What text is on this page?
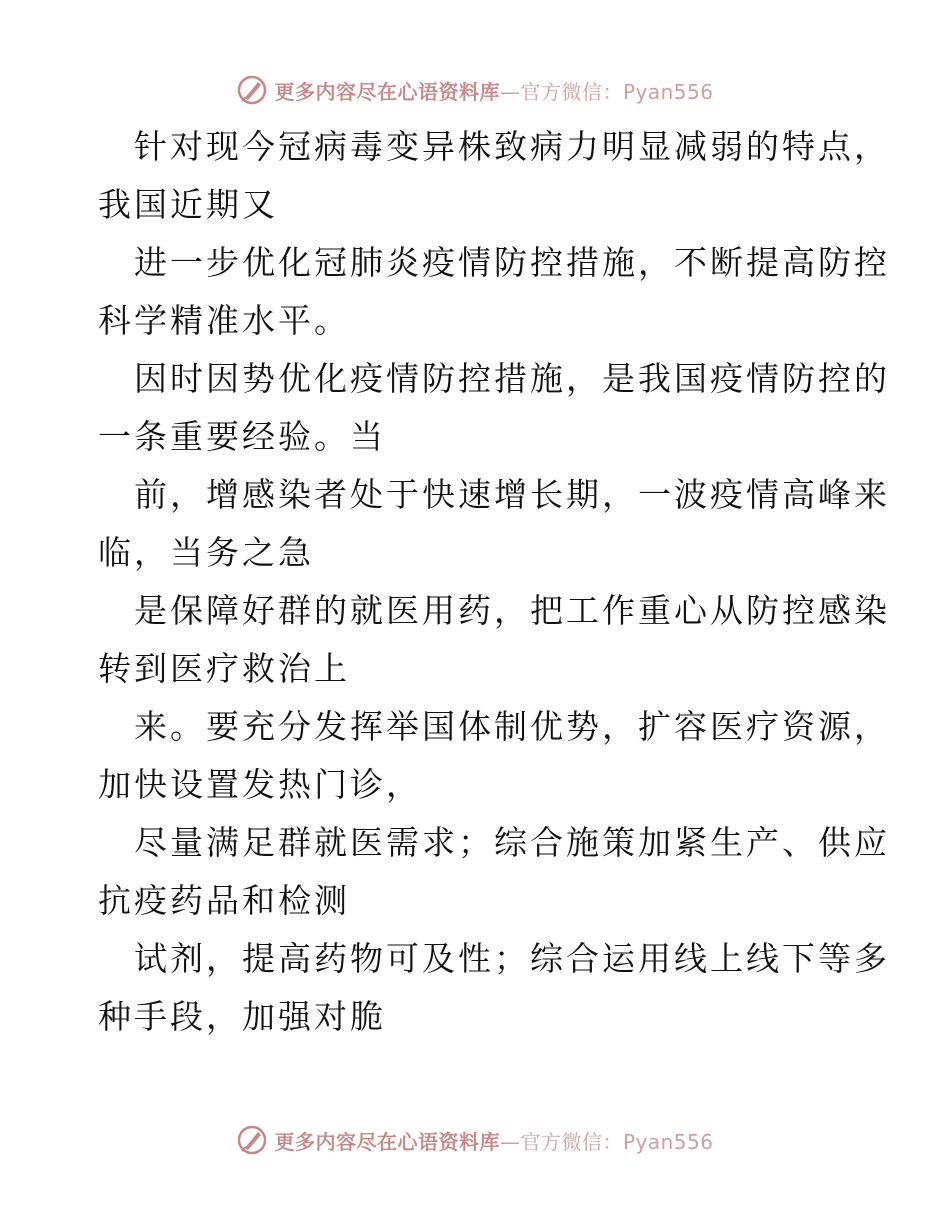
更多内容尽在心语资料库—官方微信：Pyan556

针对现今冠病毒变异株致病力明显减弱的特点，
我国近期又

进一步优化冠肺炎疫情防控措施，不断提高防控
科学精准水平。

因时因势优化疫情防控措施，是我国疫情防控的
一条重要经验。当

前，增感染者处于快速增长期，一波疫情高峰来
临，当务之急

是保障好群的就医用药，把工作重心从防控感染
转到医疗救治上

来。要充分发挥举国体制优势，扩容医疗资源，
加快设置发热门诊，

尽量满足群就医需求；综合施策加紧生产、供应
抗疫药品和检测

试剂，提高药物可及性；综合运用线上线下等多
种手段，加强对脆

更多内容尽在心语资料库—官方微信：Pyan556
